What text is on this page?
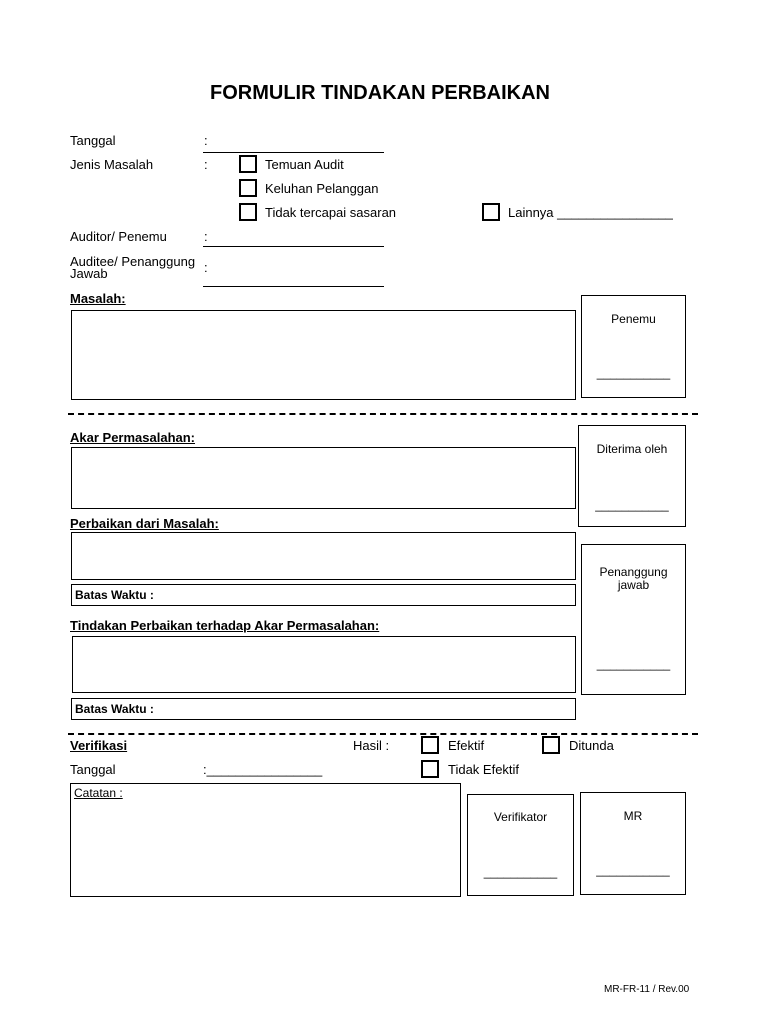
FORMULIR TINDAKAN PERBAIKAN
Tanggal	:
Jenis Masalah	:	Temuan Audit
Keluhan Pelanggan
Tidak tercapai sasaran	Lainnya ________________
Auditor/ Penemu	:
Auditee/ Penanggung
Jawab	:
Masalah:
Penemu
___________
Akar Permasalahan:
Diterima oleh
___________
Perbaikan dari Masalah:
Batas Waktu :
Penanggung
jawab
___________
Tindakan Perbaikan terhadap Akar Permasalahan:
Batas Waktu :
Verifikasi	Hasil :	Efektif	Ditunda
Tanggal	:________________	Tidak Efektif
Catatan :
Verifikator
___________
MR
___________
MR-FR-11 / Rev.00
